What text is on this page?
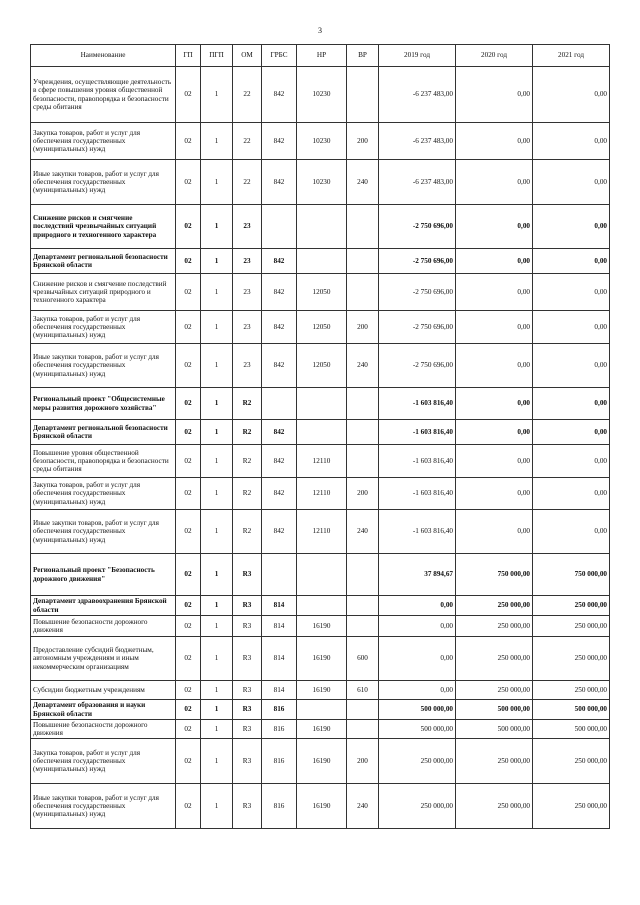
3
Наименование	ГП	ПГП	ОМ	ГРБС	НР	ВР	2019 год	2020 год	2021 год
Учреждения, осуществляющие деятельность в сфере повышения уровня общественной безопасности, правопорядка и безопасности среды обитания	02	1	22	842	10230		-6 237 483,00	0,00	0,00
Закупка товаров, работ и услуг для обеспечения государственных (муниципальных) нужд	02	1	22	842	10230	200	-6 237 483,00	0,00	0,00
Иные закупки товаров, работ и услуг для обеспечения государственных (муниципальных) нужд	02	1	22	842	10230	240	-6 237 483,00	0,00	0,00
Снижение рисков и смягчение последствий чрезвычайных ситуаций природного и техногенного характера	02	1	23				-2 750 696,00	0,00	0,00
Департамент региональной безопасности Брянской области	02	1	23	842			-2 750 696,00	0,00	0,00
Снижение рисков и смягчение последствий чрезвычайных ситуаций природного и техногенного характера	02	1	23	842	12050		-2 750 696,00	0,00	0,00
Закупка товаров, работ и услуг для обеспечения государственных (муниципальных) нужд	02	1	23	842	12050	200	-2 750 696,00	0,00	0,00
Иные закупки товаров, работ и услуг для обеспечения государственных (муниципальных) нужд	02	1	23	842	12050	240	-2 750 696,00	0,00	0,00
Региональный проект "Общесистемные меры развития дорожного хозяйства"	02	1	R2				-1 603 816,40	0,00	0,00
Департамент региональной безопасности Брянской области	02	1	R2	842			-1 603 816,40	0,00	0,00
Повышение уровня общественной безопасности, правопорядка и безопасности среды обитания	02	1	R2	842	12110		-1 603 816,40	0,00	0,00
Закупка товаров, работ и услуг для обеспечения государственных (муниципальных) нужд	02	1	R2	842	12110	200	-1 603 816,40	0,00	0,00
Иные закупки товаров, работ и услуг для обеспечения государственных (муниципальных) нужд	02	1	R2	842	12110	240	-1 603 816,40	0,00	0,00
Региональный проект "Безопасность дорожного движения"	02	1	R3				37 894,67	750 000,00	750 000,00
Департамент здравоохранения Брянской области	02	1	R3	814			0,00	250 000,00	250 000,00
Повышение безопасности дорожного движения	02	1	R3	814	16190		0,00	250 000,00	250 000,00
Предоставление субсидий бюджетным, автономным учреждениям и иным некоммерческим организациям	02	1	R3	814	16190	600	0,00	250 000,00	250 000,00
Субсидии бюджетным учреждениям	02	1	R3	814	16190	610	0,00	250 000,00	250 000,00
Департамент образования и науки Брянской области	02	1	R3	816			500 000,00	500 000,00	500 000,00
Повышение безопасности дорожного движения	02	1	R3	816	16190		500 000,00	500 000,00	500 000,00
Закупка товаров, работ и услуг для обеспечения государственных (муниципальных) нужд	02	1	R3	816	16190	200	250 000,00	250 000,00	250 000,00
Иные закупки товаров, работ и услуг для обеспечения государственных (муниципальных) нужд	02	1	R3	816	16190	240	250 000,00	250 000,00	250 000,00
